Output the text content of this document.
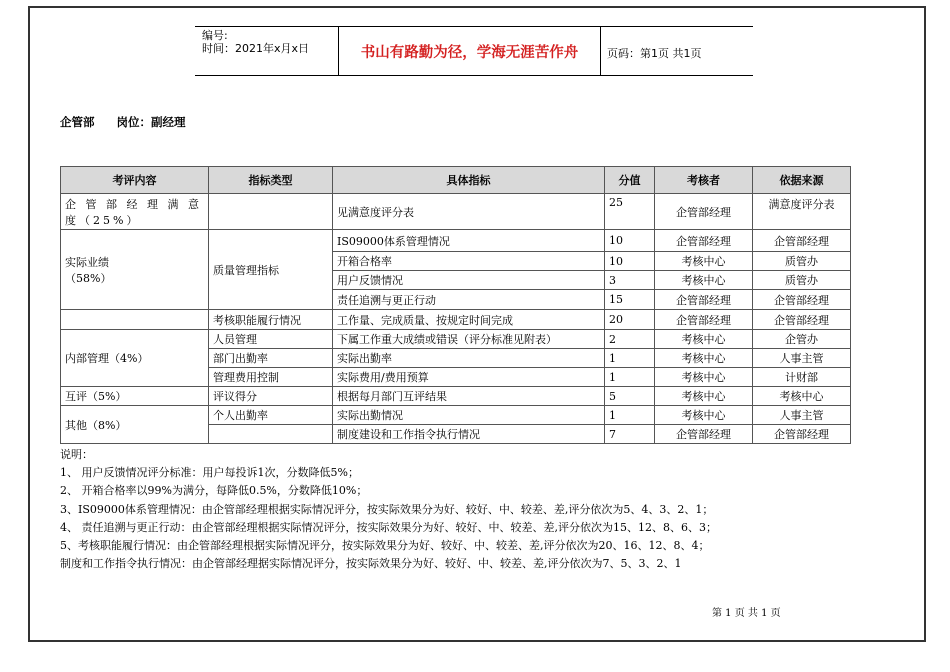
编号:
时间：2021年x月x日	书山有路勤为径，学海无涯苦作舟	页码：第1页 共1页
企管部 岗位：副经理
考评内容	指标类型	具体指标	分值	考核者	依据来源
企 管 部 经 理 满 意 度（25%）		见满意度评分表	25	企管部经理	满意度评分表
实际业绩
（58%）	质量管理指标	IS09000体系管理情况	10	企管部经理	企管部经理
		开箱合格率	10	考核中心	质管办
		用户反馈情况	3	考核中心	质管办
		责任追溯与更正行动	15	企管部经理	企管部经理
	考核职能履行情况	工作量、完成质量、按规定时间完成	20	企管部经理	企管部经理
内部管理（4%）	人员管理	下属工作重大成绩或错误（评分标准见附表）	2	考核中心	企管办
	部门出勤率	实际出勤率	1	考核中心	人事主管
	管理费用控制	实际费用/费用预算	1	考核中心	计财部
互评（5%）	评议得分	根据每月部门互评结果	5	考核中心	考核中心
其他（8%）	个人出勤率	实际出勤情况	1	考核中心	人事主管
		制度建设和工作指令执行情况	7	企管部经理	企管部经理
说明：
1、 用户反馈情况评分标准：用户每投诉1次，分数降低5%；
2、 开箱合格率以99%为满分，每降低0.5%，分数降低10%；
3、IS09000体系管理情况：由企管部经理根据实际情况评分，按实际效果分为好、较好、中、较差、差,评分依次为5、4、3、2、1；
4、 责任追溯与更正行动：由企管部经理根据实际情况评分，按实际效果分为好、较好、中、较差、差,评分依次为15、12、8、6、3；
5、考核职能履行情况：由企管部经理根据实际情况评分，按实际效果分为好、较好、中、较差、差,评分依次为20、16、12、8、4；
制度和工作指令执行情况：由企管部经理据实际情况评分，按实际效果分为好、较好、中、较差、差,评分依次为7、5、3、2、1
第 1 页 共 1 页
